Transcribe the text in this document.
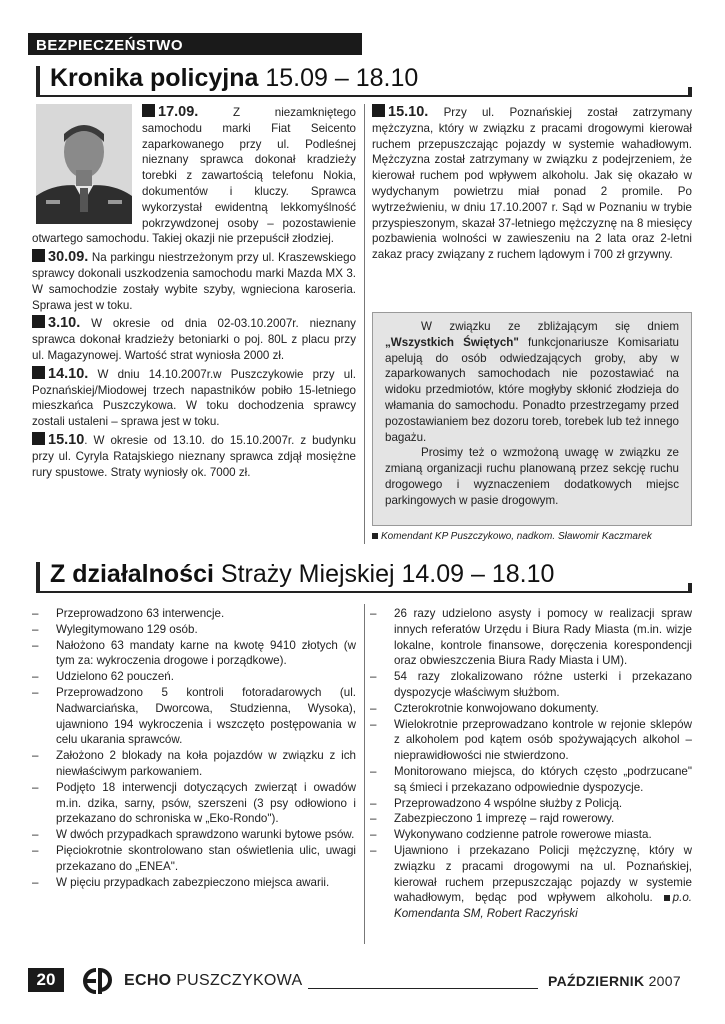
BEZPIECZEŃSTWO
Kronika policyjna 15.09 – 18.10
17.09.	Z niezamkniętego samochodu marki Fiat Seicento zaparkowanego przy ul. Podleśnej nieznany sprawca dokonał kradzieży torebki z zawartością telefonu Nokia, dokumentów i kluczy. Sprawca wykorzystał ewidentną lekkomyślność pokrzywdzonej osoby – pozostawienie otwartego samochodu. Takiej okazji nie przepuścił złodziej.
30.09. Na parkingu niestrzeżonym przy ul. Kraszewskiego sprawcy dokonali uszkodzenia samochodu marki Mazda MX 3. W samochodzie zostały wybite szyby, wgnieciona karoseria. Sprawa jest w toku.
3.10. W okresie od dnia 02-03.10.2007r. nieznany sprawca dokonał kradzieży betoniarki o poj. 80L z placu przy ul. Magazynowej. Wartość strat wyniosła 2000 zł.
14.10. W dniu 14.10.2007r.w Puszczykowie przy ul. Poznańskiej/Miodowej trzech napastników pobiło 15-letniego mieszkańca Puszczykowa. W toku dochodzenia sprawcy zostali ustaleni – sprawa jest w toku.
15.10. W okresie od 13.10. do 15.10.2007r. z budynku przy ul. Cyryla Ratajskiego nieznany sprawca zdjął mosiężne rury spustowe. Straty wyniosły ok. 7000 zł.
15.10. Przy ul. Poznańskiej został zatrzymany mężczyzna, który w związku z pracami drogowymi kierował ruchem przepuszczając pojazdy w systemie wahadłowym. Mężczyzna został zatrzymany w związku z podejrzeniem, że kierował ruchem pod wpływem alkoholu. Jak się okazało w wydychanym powietrzu miał ponad 2 promile. Po wytrzeźwieniu, w dniu 17.10.2007 r. Sąd w Poznaniu w trybie przyspieszonym, skazał 37-letniego mężczyznę na 8 miesięcy pozbawienia wolności w zawieszeniu na 2 lata oraz 2-letni zakaz pracy związany z ruchem lądowym i 700 zł grzywny.

W związku ze zbliżającym się dniem „Wszystkich Świętych" funkcjonariusze Komisariatu apelują do osób odwiedzających groby, aby w zaparkowanych samochodach nie pozostawiać na widoku przedmiotów, które mogłyby skłonić złodzieja do włamania do samochodu. Ponadto przestrzegamy przed pozostawianiem bez dozoru toreb, torebek lub też innego bagażu.

Prosimy też o wzmożoną uwagę w związku ze zmianą organizacji ruchu planowaną przez sekcję ruchu drogowego i wyznaczeniem dodatkowych miejsc parkingowych w pasie drogowym.

Komendant KP Puszczykowo, nadkom. Sławomir Kaczmarek
Z działalności Straży Miejskiej 14.09 – 18.10
– Przeprowadzono 63 interwencje.
– Wylegitymowano 129 osób.
– Nałożono 63 mandaty karne na kwotę 9410 złotych (w tym za: wykroczenia drogowe i porządkowe).
– Udzielono 62 pouczeń.
– Przeprowadzono 5 kontroli fotoradarowych (ul. Nadwarciańska, Dworcowa, Studzienna, Wysoka), ujawniono 194 wykroczenia i wszczęto postępowania w celu ukarania sprawców.
– Założono 2 blokady na koła pojazdów w związku z ich niewłaściwym parkowaniem.
– Podjęto 18 interwencji dotyczących zwierząt i owadów m.in. dzika, sarny, psów, szerszeni (3 psy odłowiono i przekazano do schroniska w „Eko-Rondo").
– W dwóch przypadkach sprawdzono warunki bytowe psów.
– Pięciokrotnie skontrolowano stan oświetlenia ulic, uwagi przekazano do „ENEA".
– W pięciu przypadkach zabezpieczono miejsca awarii.
– 26 razy udzielono asysty i pomocy w realizacji spraw innych referatów Urzędu i Biura Rady Miasta (m.in. wizje lokalne, kontrole finansowe, doręczenia korespondencji oraz obwieszczenia Biura Rady Miasta i UM).
– 54 razy zlokalizowano różne usterki i przekazano dyspozycje właściwym służbom.
– Czterokrotnie konwojowano dokumenty.
– Wielokrotnie przeprowadzano kontrole w rejonie sklepów z alkoholem pod kątem osób spożywających alkohol – nieprawidłowości nie stwierdzono.
– Monitorowano miejsca, do których często „podrzucane" są śmieci i przekazano odpowiednie dyspozycje.
– Przeprowadzono 4 wspólne służby z Policją.
– Zabezpieczono 1 imprezę – rajd rowerowy.
– Wykonywano codzienne patrole rowerowe miasta.
– Ujawniono i przekazano Policji mężczyznę, który w związku z pracami drogowymi na ul. Poznańskiej, kierował ruchem przepuszczając pojazdy w systemie wahadłowym, będąc pod wpływem alkoholu. p.o. Komendanta SM, Robert Raczyński
20	ECHO PUSZCZYKOWA	PAŹDZIERNIK 2007
